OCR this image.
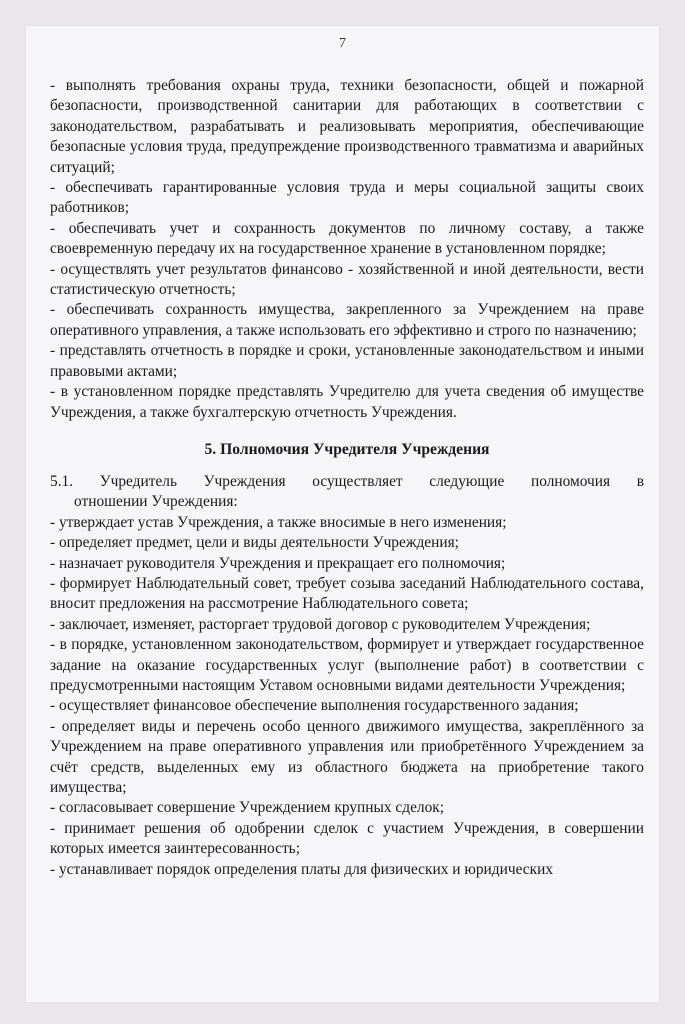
7

- выполнять требования охраны труда, техники безопасности, общей и пожарной безопасности, производственной санитарии для работающих в соответствии с законодательством, разрабатывать и реализовывать мероприятия, обеспечивающие безопасные условия труда, предупреждение производственного травматизма и аварийных ситуаций;

- обеспечивать гарантированные условия труда и меры социальной защиты своих работников;

- обеспечивать учет и сохранность документов по личному составу, а также своевременную передачу их на государственное хранение в установленном порядке;

- осуществлять учет результатов финансово - хозяйственной и иной деятельности, вести статистическую отчетность;

- обеспечивать сохранность имущества, закрепленного за Учреждением на праве оперативного управления, а также использовать его эффективно и строго по назначению;

- представлять отчетность в порядке и сроки, установленные законодательством и иными правовыми актами;

- в установленном порядке представлять Учредителю для учета сведения об имуществе Учреждения, а также бухгалтерскую отчетность Учреждения.

5. Полномочия Учредителя Учреждения

5.1. Учредитель Учреждения осуществляет следующие полномочия в
отношении Учреждения:

- утверждает устав Учреждения, а также вносимые в него изменения;

- определяет предмет, цели и виды деятельности Учреждения;

- назначает руководителя Учреждения и прекращает его полномочия;

- формирует Наблюдательный совет, требует созыва заседаний Наблюдательного состава, вносит предложения на рассмотрение Наблюдательного совета;

- заключает, изменяет, расторгает трудовой договор с руководителем Учреждения;

- в порядке, установленном законодательством, формирует и утверждает государственное задание на оказание государственных услуг (выполнение работ) в соответствии с предусмотренными настоящим Уставом основными видами деятельности Учреждения;

- осуществляет финансовое обеспечение выполнения государственного задания;

- определяет виды и перечень особо ценного движимого имущества, закреплённого за Учреждением на праве оперативного управления или приобретённого Учреждением за счёт средств, выделенных ему из областного бюджета на приобретение такого имущества;

- согласовывает совершение Учреждением крупных сделок;

- принимает решения об одобрении сделок с участием Учреждения, в совершении которых имеется заинтересованность;

- устанавливает порядок определения платы для физических и юридических
